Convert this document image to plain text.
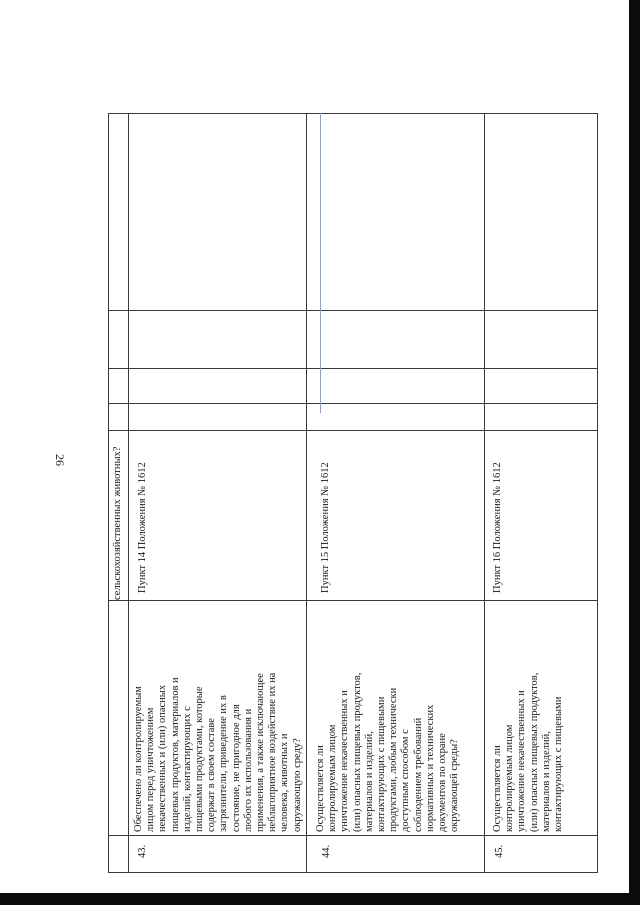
26	сельскохозяйственных животных?
43.
Обеспечено ли контролируемым лицом перед уничтожением некачественных и (или) опасных пищевых продуктов, материалов и изделий, контактирующих с пищевыми продуктами, которые содержат в своем составе загрязнители, приведение их в состояние, не пригодное для любого их использования и применения, а также исключающее неблагоприятное воздействие их на человека, животных и окружающую среду?
Пункт 14 Положения № 1612
44.
Осуществляется ли контролируемым лицом уничтожение некачественных и (или) опасных пищевых продуктов, материалов и изделий, контактирующих с пищевыми продуктами, любым технически доступным способом с соблюдением требований нормативных и технических документов по охране окружающей среды?
Пункт 15 Положения № 1612
45.
Осуществляется ли контролируемым лицом уничтожение некачественных и (или) опасных пищевых продуктов, материалов и изделий, контактирующих с пищевыми
Пункт 16 Положения № 1612
